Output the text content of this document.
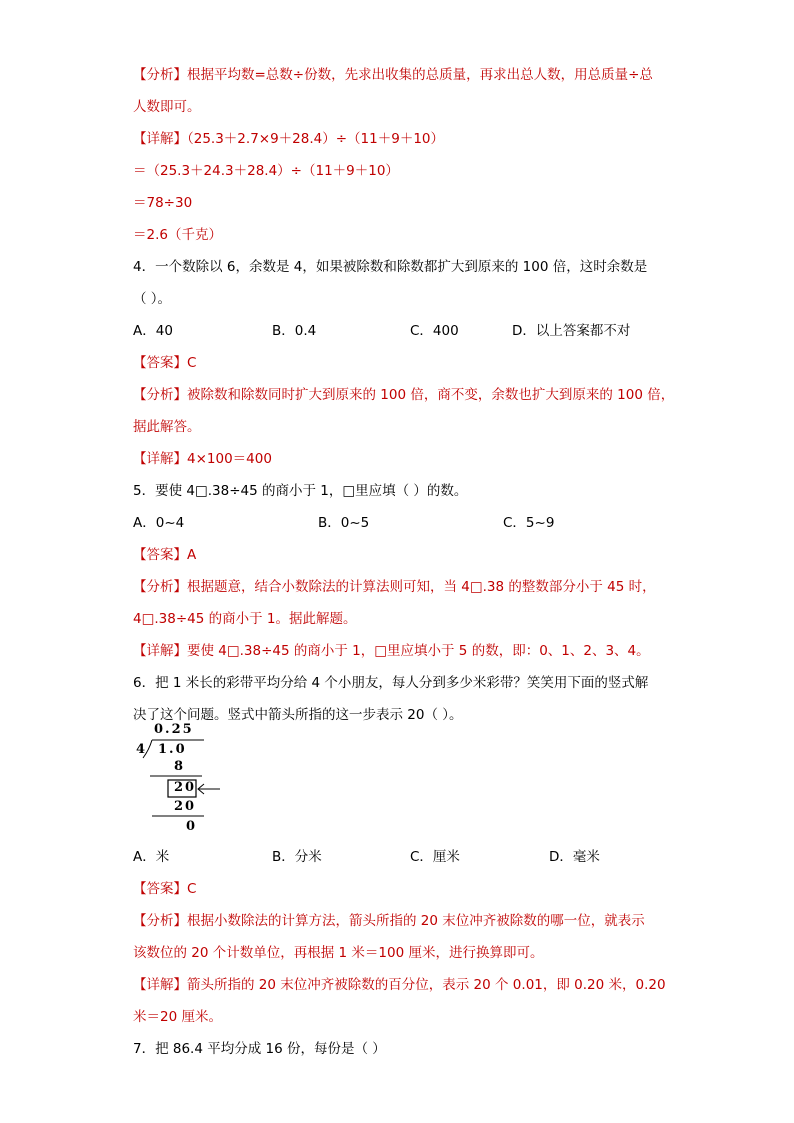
【分析】根据平均数=总数÷份数，先求出收集的总质量，再求出总人数，用总质量÷总
人数即可。
【详解】（25.3＋2.7×9＋28.4）÷（11＋9＋10）
＝（25.3＋24.3＋28.4）÷（11＋9＋10）
＝78÷30
＝2.6（千克）
4．一个数除以 6，余数是 4，如果被除数和除数都扩大到原来的 100 倍，这时余数是
（ ）。
A．40	B．0.4	C．400	D．以上答案都不对
【答案】C
【分析】被除数和除数同时扩大到原来的 100 倍，商不变，余数也扩大到原来的 100 倍，
据此解答。
【详解】4×100＝400
5．要使 4□.38÷45 的商小于 1，□里应填（ ）的数。
A．0~4	B．0~5	C．5~9
【答案】A
【分析】根据题意，结合小数除法的计算法则可知，当 4□.38 的整数部分小于 45 时，
4□.38÷45 的商小于 1。据此解题。
【详解】要使 4□.38÷45 的商小于 1，□里应填小于 5 的数，即：0、1、2、3、4。
6．把 1 米长的彩带平均分给 4 个小朋友，每人分到多少米彩带？笑笑用下面的竖式解
决了这个问题。竖式中箭头所指的这一步表示 20（ ）。
0.25
4 1.0
8
20
20
0
A．米	B．分米	C．厘米	D．毫米
【答案】C
【分析】根据小数除法的计算方法，箭头所指的 20 末位冲齐被除数的哪一位，就表示
该数位的 20 个计数单位，再根据 1 米＝100 厘米，进行换算即可。
【详解】箭头所指的 20 末位冲齐被除数的百分位，表示 20 个 0.01，即 0.20 米，0.20
米＝20 厘米。
7．把 86.4 平均分成 16 份，每份是（ ）
